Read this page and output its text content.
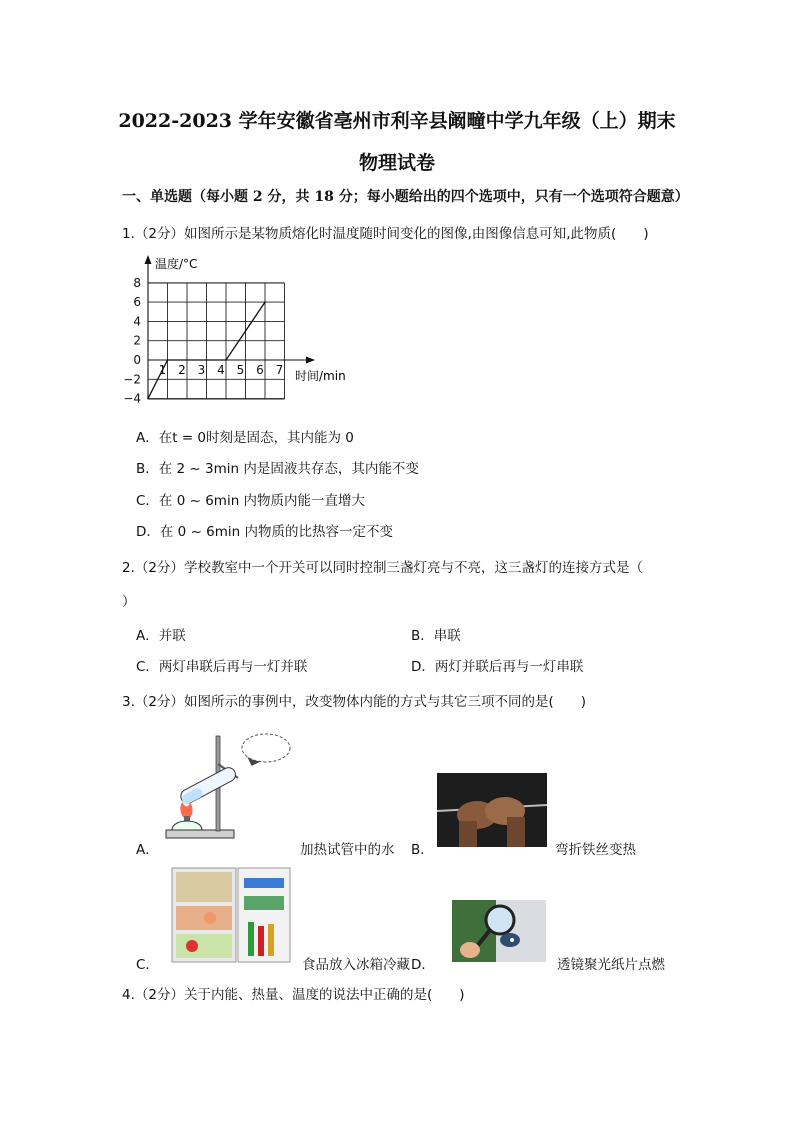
2022-2023 学年安徽省亳州市利辛县阚疃中学九年级（上）期末
物理试卷
一、单选题（每小题 2 分，共 18 分；每小题给出的四个选项中，只有一个选项符合题意）
1.（2分）如图所示是某物质熔化时温度随时间变化的图像,由图像信息可知,此物质(　　)
8
6
4
2
0
−2
−4
1 2 3 4 5 6 7
温度/°C
时间/min
A．在t = 0时刻是固态，其内能为 0
B．在 2 ~ 3min 内是固液共存态，其内能不变
C．在 0 ~ 6min 内物质内能一直增大
D．在 0 ~ 6min 内物质的比热容一定不变
2.（2分）学校教室中一个开关可以同时控制三盏灯亮与不亮，这三盏灯的连接方式是（
）
A．并联	B．串联
C．两灯串联后再与一灯并联	D．两灯并联后再与一灯串联
3.（2分）如图所示的事例中，改变物体内能的方式与其它三项不同的是(　　)
A．	加热试管中的水 B．	弯折铁丝变热
C．	食品放入冰箱冷藏 D．	透镜聚光纸片点燃
4.（2分）关于内能、热量、温度的说法中正确的是(　　)
